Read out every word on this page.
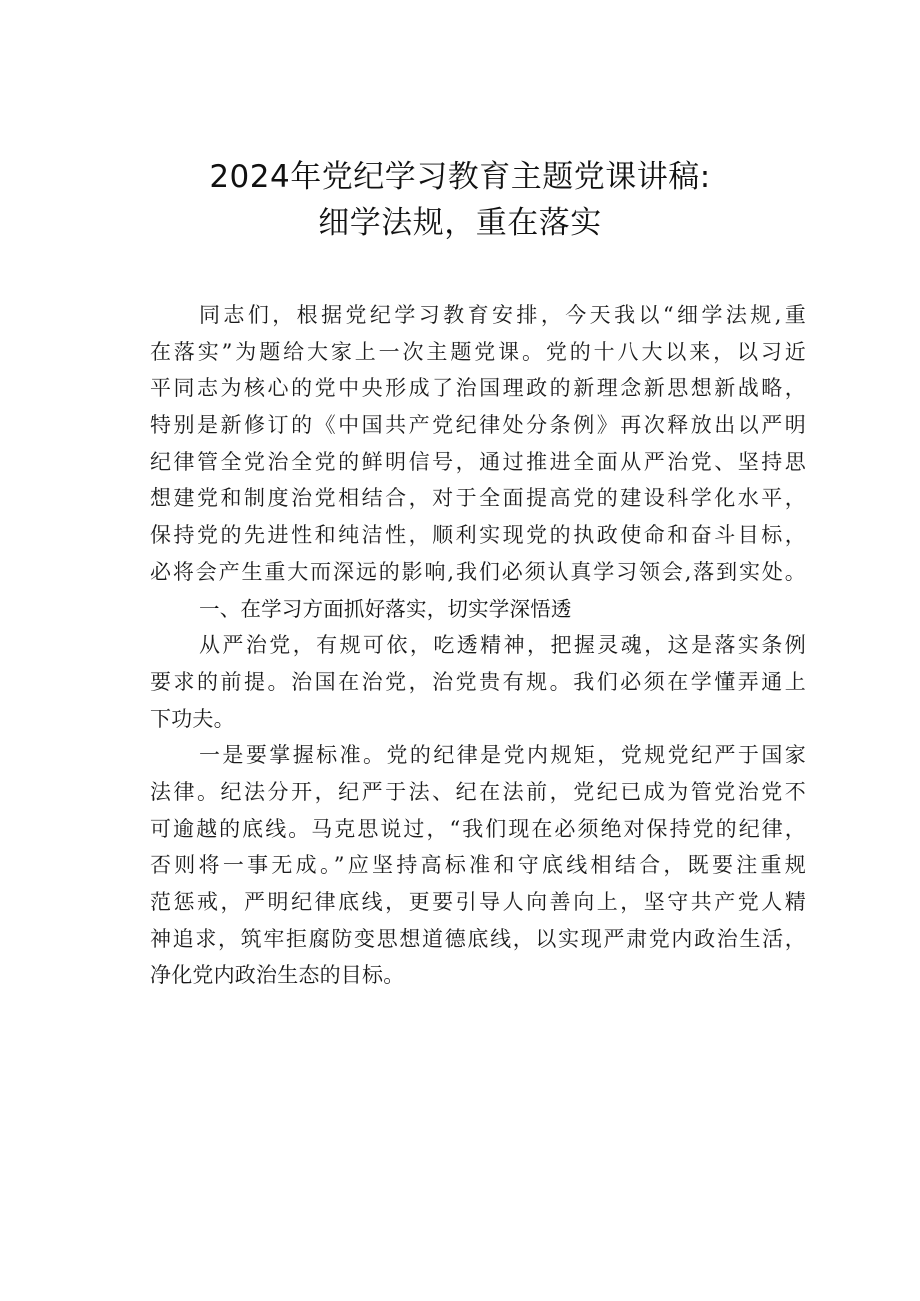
2024年党纪学习教育主题党课讲稿:
细学法规，重在落实
同志们，根据党纪学习教育安排，今天我以“细学法规,重
在落实”为题给大家上一次主题党课。党的十八大以来，以习近
平同志为核心的党中央形成了治国理政的新理念新思想新战略，
特别是新修订的《中国共产党纪律处分条例》再次释放出以严明
纪律管全党治全党的鲜明信号，通过推进全面从严治党、坚持思
想建党和制度治党相结合，对于全面提高党的建设科学化水平，
保持党的先进性和纯洁性，顺利实现党的执政使命和奋斗目标，
必将会产生重大而深远的影响,我们必须认真学习领会,落到实处。
一、在学习方面抓好落实，切实学深悟透
从严治党，有规可依，吃透精神，把握灵魂，这是落实条例
要求的前提。治国在治党，治党贵有规。我们必须在学懂弄通上
下功夫。
一是要掌握标准。党的纪律是党内规矩，党规党纪严于国家
法律。纪法分开，纪严于法、纪在法前，党纪已成为管党治党不
可逾越的底线。马克思说过，“我们现在必须绝对保持党的纪律，
否则将一事无成。”应坚持高标准和守底线相结合，既要注重规
范惩戒，严明纪律底线，更要引导人向善向上，坚守共产党人精
神追求，筑牢拒腐防变思想道德底线，以实现严肃党内政治生活，
净化党内政治生态的目标。
